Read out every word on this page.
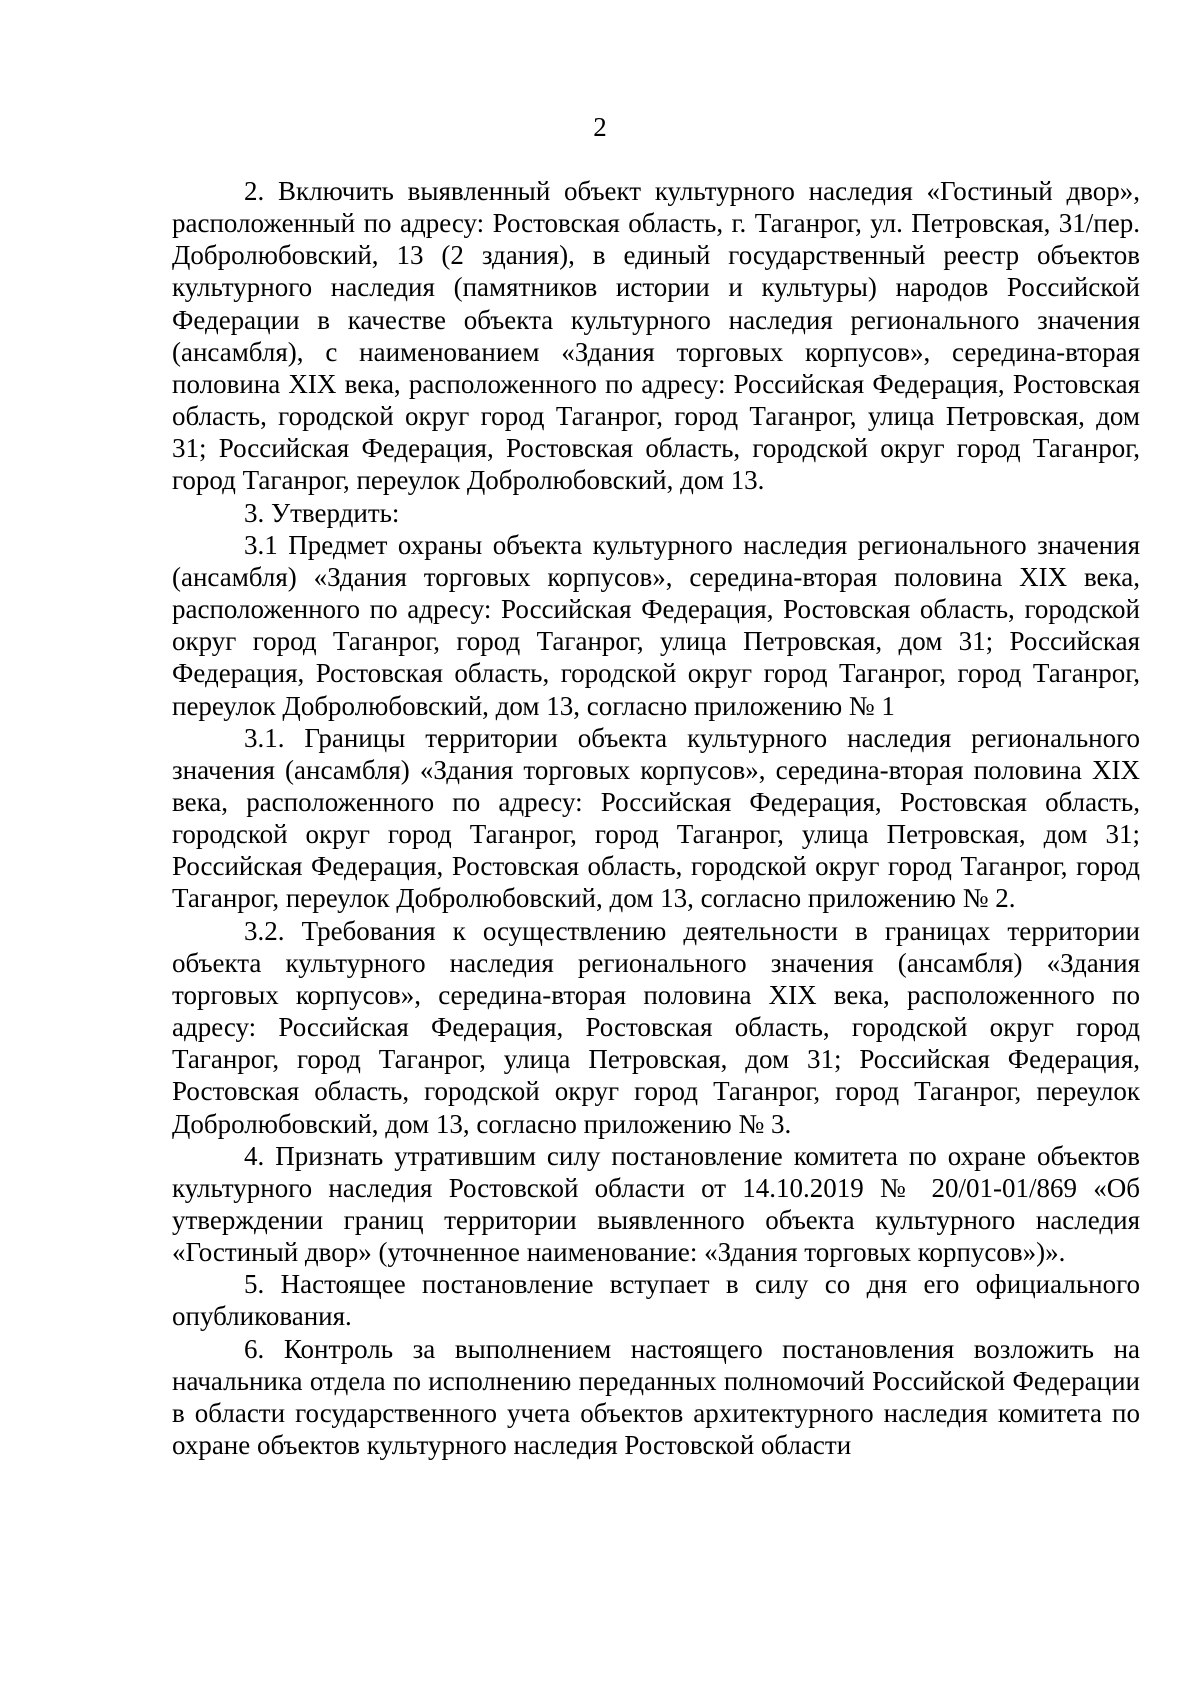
2

2. Включить выявленный объект культурного наследия «Гостиный двор», расположенный по адресу: Ростовская область, г. Таганрог, ул. Петровская, 31/пер. Добролюбовский, 13 (2 здания), в единый государственный реестр объектов культурного наследия (памятников истории и культуры) народов Российской Федерации в качестве объекта культурного наследия регионального значения (ансамбля), с наименованием «Здания торговых корпусов», середина-вторая половина XIX века, расположенного по адресу: Российская Федерация, Ростовская область, городской округ город Таганрог, город Таганрог, улица Петровская, дом 31; Российская Федерация, Ростовская область, городской округ город Таганрог, город Таганрог, переулок Добролюбовский, дом 13.

3. Утвердить:

3.1 Предмет охраны объекта культурного наследия регионального значения (ансамбля) «Здания торговых корпусов», середина-вторая половина XIX века, расположенного по адресу: Российская Федерация, Ростовская область, городской округ город Таганрог, город Таганрог, улица Петровская, дом 31; Российская Федерация, Ростовская область, городской округ город Таганрог, город Таганрог, переулок Добролюбовский, дом 13, согласно приложению № 1

3.1. Границы территории объекта культурного наследия регионального значения (ансамбля) «Здания торговых корпусов», середина-вторая половина XIX века, расположенного по адресу: Российская Федерация, Ростовская область, городской округ город Таганрог, город Таганрог, улица Петровская, дом 31; Российская Федерация, Ростовская область, городской округ город Таганрог, город Таганрог, переулок Добролюбовский, дом 13, согласно приложению № 2.

3.2. Требования к осуществлению деятельности в границах территории объекта культурного наследия регионального значения (ансамбля) «Здания торговых корпусов», середина-вторая половина XIX века, расположенного по адресу: Российская Федерация, Ростовская область, городской округ город Таганрог, город Таганрог, улица Петровская, дом 31; Российская Федерация, Ростовская область, городской округ город Таганрог, город Таганрог, переулок Добролюбовский, дом 13, согласно приложению № 3.

4. Признать утратившим силу постановление комитета по охране объектов культурного наследия Ростовской области от 14.10.2019 № 20/01-01/869 «Об утверждении границ территории выявленного объекта культурного наследия «Гостиный двор» (уточненное наименование: «Здания торговых корпусов»)».

5. Настоящее постановление вступает в силу со дня его официального опубликования.

6. Контроль за выполнением настоящего постановления возложить на начальника отдела по исполнению переданных полномочий Российской Федерации в области государственного учета объектов архитектурного наследия комитета по охране объектов культурного наследия Ростовской области
